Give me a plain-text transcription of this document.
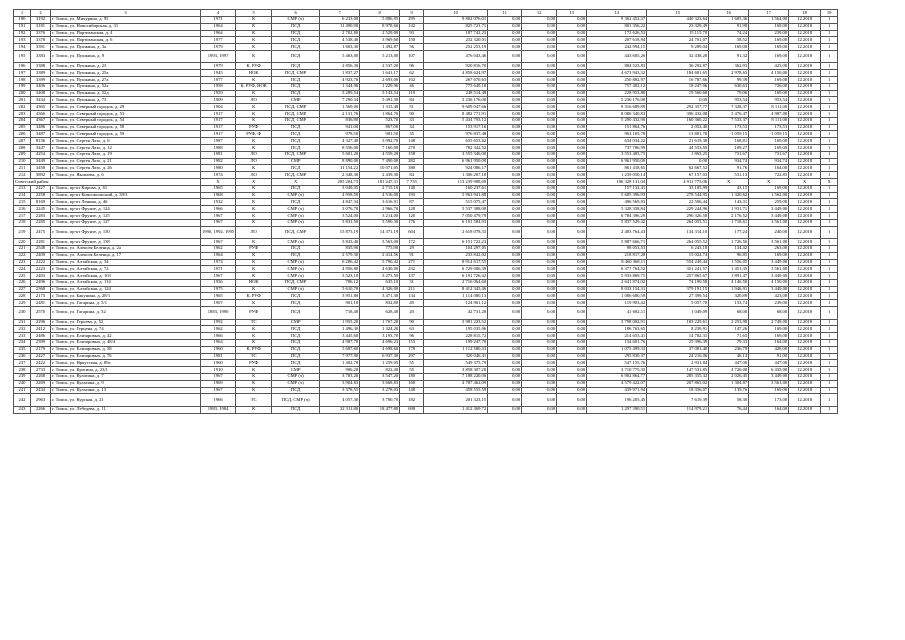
1	2	3	4	5	6	7	8	9	10	11	12	13	14	15	16	17	18	19
190	3192	г. Томск, ул. Мичурина, д. 95	1971	К	СМР (ч)	6 233,00	5 886,95	295	9 802 076,01	0,00	0,00	0,00	9 362 452,37	440 323,64	1 685,36	1 564,00	12.2018	1
191	3181	г. Томск, ул. Новосибирская, д. 31	1964	К	ПСД	11 490,90	8 978,60	142	825 721,71	0,00	0,00	0,00	801 356,22	23 329,49	91,98	169,00	12.2018	1
192	3376	г. Томск, ул. Партизанская, д. 4	1964	К	ПСД	2 702,80	2 529,00	93	187 742,23	0,00	0,00	0,00	172 626,53	15 115,70	74,24	239,00	12.2018	1
193	3378	г. Томск, ул. Партизанская, д. 6	1977	К	ПСД	4 538,40	3 969,60	150	232 320,01	0,00	0,00	0,00	207 618,94	24 701,07	58,52	169,00	12.2018	1
194	3391	г. Томск, ул. Пушкина, д. 3а	1979	К	ПСД	1 603,30	1 492,87	56	252 253,19	0,00	0,00	0,00	242 994,15	9 289,04	169,00	169,00	12.2018	1
195	3383	г. Томск, ул. Пушкина, д. 9	1993, 1997	К	ПСД	5 463,00	5 213,00	107	476 043,46	0,00	0,00	0,00	443 605,26	32 438,20	91,32	169,00	12.2018	1
196	3388	г. Томск, ул. Пушкина, д. 23	1979	К, РУФ	ПСД	2 856,30	2 537,20	96	920 816,70	0,00	0,00	0,00	884 523,83	36 292,87	362,93	423,00	12.2018	1
197	3389	г. Томск, ул. Пушкина, д. 25а	1945	НОК	ПСД, СМР	1 837,27	1 641,17	62	4 858 624,97	0,00	0,00	0,00	4 673 943,32	184 681,65	2 978,63	4 150,00	12.2018	1
198	3399	г. Томск, ул. Пушкина, д. 27а	1977	К	ПСД	4 923,70	2 693,00	102	267 670,63	0,00	0,00	0,00	250 882,97	16 787,66	99,39	169,00	12.2018	1
199	3406	г. Томск, ул. Пушкина, д. 52а	1958	К, РУФ, НОК	ПСД	1 344,96	1 229,96	46	775 649,18	0,00	0,00	0,00	757 402,12	18 247,06	630,63	726,00	12.2018	1
200	3408	г. Томск, ул. Пушкина, д. 52д	1959	К	ПСД	3 289,54	3 143,54	119	248 514,48	0,00	0,00	0,00	228 953,80	19 560,68	79,06	169,00	12.2018	1
201	3434	г. Томск, ул. Пушкина, д. 73	1909	ЛО	СМР	7 290,34	5 491,30	84	5 236 176,00	0,00	0,00	0,00	5 236 176,00	0,00	953,54	953,54	12.2018	1
202	4365	г. Томск, ул. Северный городок, д. 29	1904	К	ПСД, СМР	1 569,00	1 315,40	51	9 609 047,66	0,00	0,00	0,00	9 316 689,89	292 357,77	7 328,37	8 111,00	12.2018	1
203	4366	г. Томск, ул. Северный городок, д. 53	1917	К	ПСД, СМР	2 131,76	1 864,76	90	8 482 771,91	0,00	0,00	0,00	8 086 340,83	396 432,08	3 476,47	4 987,00	12.2018	1
204	4367	г. Томск, ул. Северный городок, д. 54	1917	К	ПСД, СМР	836,80	523,70	33	5 434 793,12	0,00	0,00	0,00	5 290 432,90	160 360,22	7 533,37	8 111,00	12.2018	1
205	3486	г. Томск, ул. Северный городок, д. 58	1917	РУФ	ПСД	941,00	867,00	34	153 917,16	0,00	0,00	0,00	151 864,76	2 052,40	173,53	173,53	12.2018	1
206	3487	г. Томск, ул. Северный городок, д. 59	1917	РУФ, Ф	ПСД	978,50	901,50	35	976 837,48	0,00	0,00	0,00	963 105,78	13 801,70	1 059,15	1 059,15	12.2018	1
207	8136	г. Томск, ул. Сергея Лазо, д. 6	1987	К	ПСД	4 327,40	3 992,70	148	655 653,62	0,00	0,00	0,00	634 034,22	21 619,38	168,81	169,00	12.2018	1
208	3447	г. Томск, ул. Сергея Лазо, д. 12	1988	К	ПСД	8 556,00	7 160,00	270	782 342,52	0,00	0,00	0,00	737 786,99	44 553,50	109,27	169,00	12.2018	1
209	4254	г. Томск, ул. Сергея Лазо, д. 19	1981	ЛО	ПСД, СМР	5 601,20	4 559,20	158	3 555 346,00	0,00	0,00	0,00	3 553 483,75	1 863,25	731,67	731,67	12.2018	1
210	3449	г. Томск, ул. Сергея Лазо, д. 21	1982	ЛО	СМР	8 890,00	7 490,00	282	6 961 950,00	0,00	0,00	0,00	6 961 950,00	0,00	934,74	934,74	12.2018	1
211	3458	г. Томск, ул. Сергея Лазо, д. 26	1980	К	ПСД	11 154,22	10 071,05	380	924 086,17	0,00	0,00	0,00	861 418,65	62 667,52	91,76	164,00	12.2018	1
212	3892	г. Томск, ул. Яковлева, д. 6	1974	ЛО	ПСД, СМР	2 348,30	2 439,30	84	1 306 207,10	0,00	0,00	0,00	1 239 050,14	67 157,03	531,13	722,85	12.2018	1
Советский район			Х	Х	Х	205 204,73	181 247,31	7 755	113 239 908,00	0,00	0,00	0,00	106 328 131,04	4 911 775,06	Х	Х	Х	Х
213	2427	г. Томск, пр-кт Кирова, д. 61	1965	К	ПСД	3 049,35	2 715,10	140	160 237,61	0,00	0,00	0,00	157 132,41	33 105,99	43,15	169,00	12.2018	1
214	2258	г. Томск, пр-кт Комсомольский, д. 39/3	1968	К	СМР (ч)	4 958,50	4 516,00	193	5 963 941,88	0,00	0,00	0,00	5 685 396,93	278 544,95	1 320,62	1 562,00	12.2018	1
215	8169	г. Томск, пр-кт Ленина, д. 46	1932	К	ПСД	4 847,34	3 616,91	87	515 075,47	0,00	0,00	0,00	496 569,03	22 506,44	143,31	259,00	12.2018	1
216	2245	г. Томск, пр-кт Фрунзе, д. 124	1966	К	СМР (ч)	3 076,70	2 966,70	128	5 537 308,00	0,00	0,00	0,00	5 328 358,84	229 244,96	1 931,71	3 449,00	12.2018	1
217	2283	г. Томск, пр-кт Фрунзе, д. 125	1967	К	СМР (ч)	3 524,00	3 214,00	120	7 050 479,79	0,00	0,00	0,00	6 784 396,29	296 326,50	2 176,52	3 449,00	12.2018	1
218	2285	г. Томск, пр-кт Фрунзе, д. 127	1967	К	СМР (ч)	3 831,50	3 590,30	176	6 101 584,93	0,00	0,00	0,00	5 837 529,42	264 055,51	1 718,61	3 561,00	12.2018	1
219	2475	г. Томск, пр-кт Фрунзе, д. 130	1990, 1992, 1995	ЛО	ПСД, СМР	15 875,19	14 371,19	604	2 618 078,33	0,00	0,00	0,00	2 483 764,43	134 314,10	177,24	240,00	12.2018	1
220	2281	г. Томск, пр-кт Фрунзе, д. 138	1967	К	СМР (ч)	3 843,40	3 563,00	172	6 151 722,23	0,00	0,00	0,00	5 887 666,71	264 055,52	1 726,56	3 561,00	12.2018	1
221	2548	г. Томск, ул. Алексея Беленца, д. 2а	1962	РУФ	ПСД	835,90	775,90	29	104 297,05	0,00	0,00	0,00	98 053,53	6 243,18	134,42	263,00	12.2018	1
222	2409	г. Томск, ул. Алексея Беленца, д. 17	1964	К	ПСД	2 579,30	2 414,56	91	233 842,02	0,00	0,00	0,00	218 817,28	15 024,74	96,85	169,00	12.2018	1
223	2222	г. Томск, ул. Алтайская, д. 34	1974	К	СМР (ч)	6 206,42	5 790,42	271	8 914 617,55	0,00	0,00	0,00	8 460 368,11	554 249,44	1 556,05	3 449,00	12.2018	1
224	2223	г. Томск, ул. Алтайская, д. 72	1971	К	СМР (ч)	4 956,80	4 630,00	232	6 729 006,39	0,00	0,00	0,00	6 377 764,52	351 241,57	1 451,35	3 561,00	12.2018	1
225	2403	г. Томск, ул. Алтайская, д. 103	1967	К	СМР (ч)	3 523,10	3 273,50	137	6 191 726,42	0,00	0,00	0,00	5 933 869,75	257 865,67	1 891,47	3 449,00	12.2018	1
226	2496	г. Томск, ул. Алтайская, д. 114	1956	НОК	ПСД, СМР	786,12	635,10	31	2 716 064,60	0,00	0,00	0,00	2 641 874,02	74 190,58	4 146,50	4 150,00	12.2018	1
227	2368	г. Томск, ул. Алтайская, д. 124	1975	К	СМР (ч)	5 610,70	4 326,00	211	8 412 345,46	0,00	0,00	0,00	8 033 154,31	379 191,15	1 946,91	3 449,00	12.2018	1
228	2175	г. Томск, ул. Бакунина, д. 28/1	1965	К, РУФ	ПСД	3 951,80	3 471,30	134	1 114 080,13	0,00	0,00	0,00	1 086 680,59	27 399,54	320,89	423,00	12.2018	1
229	2481	г. Томск, ул. Гагарина, д. 5/1	1907	К	ПСД	901,10	832,80	49	124 961,12	0,00	0,00	0,00	119 903,42	5 057,70	153,74	239,00	12.2018	1
230	2570	г. Томск, ул. Гагарина, д. 52	1883, 1990	РУФ	ПСД	718,40	628,40	20	42 731,20	0,00	0,00	0,00	41 682,11	1 049,09	68,00	68,00	12.2018	1
231	2296	г. Томск, ул. Героева, д. 52	1992	ТС	СМР	1 955,20	1 767,20	90	3 981 223,52	0,00	0,00	0,00	3 798 002,91	183 229,61	2 253,98	2 749,00	12.2018	1
232	2412	г. Томск, ул. Герцена, д. 74	1962	К	ПСД	1 496,30	1 324,20	63	195 035,96	0,00	0,00	0,00	186 763,65	8 239,91	147,26	169,00	12.2018	1
233	2486	г. Томск, ул. Елизаровых, д. 42	1966	К	ПСД	3 445,60	3 193,70	96	228 815,72	0,00	0,00	0,00	214 653,41	14 782,31	71,65	169,00	12.2018	1
234	2399	г. Томск, ул. Елизаровых, д. 48/4	1964	К	ПСД	4 987,70	4 696,23	153	199 247,78	0,00	0,00	0,00	134 601,76	25 396,39	79,33	164,00	12.2018	1
235	2179	г. Томск, ул. Елизаровых, д. 58	1960	К, РУФ	ПСД	5 687,60	4 698,60	178	1 112 580,33	0,00	0,00	0,00	1 075 499,33	37 081,40	236,79	428,00	12.2018	1
236	2427	г. Томск, ул. Елизаровых, д. 76	1981	ТС	ПСД	7 977,90	6 937,30	297	320 046,41	0,00	0,00	0,00	295 830,37	24 216,06	46,13	91,00	12.2018	1
237	2422	г. Томск, ул. Иркутская, д. 89а	1960	РУФ	ПСД	1 402,70	1 259,05	55	549 375,79	0,00	0,00	0,00	547 155,76	2 931,84	447,00	447,00	12.2018	1
238	2733	г. Томск, ул. Красина, д. 23/1	1910	К	СМР	906,20	822,40	55	3 858 307,20	0,00	0,00	0,00	3 710 775,35	147 531,85	4 726,00	6 435,00	12.2018	1
239	2268	г. Томск, ул. Кулагина, д. 7	1967	К	СМР (ч)	3 783,20	3 547,20	180	7 188 220,00	0,00	0,00	0,00	6 902 864,77	285 355,32	2 026,45	3 449,00	12.2018	1
240	2269	г. Томск, ул. Кулагина, д. 9	1969	К	СМР (ч)	3 904,83	3 668,83	160	4 787 462,09	0,00	0,00	0,00	4 579 422,07	207 865,02	1 304,87	3 561,00	12.2018	1
241	2434	г. Томск, ул. Кулагина, д. 13	1967	К	ПСД	3 378,55	3 278,03	148	458 555,59	0,00	0,00	0,00	439 971,94	18 356,07	139,76	169,00	12.2018	1
242	2963	г. Томск, ул. Курская, д. 21	1966	ТС	ПСД, СМР (ч)	4 057,30	3 780,70	182	201 323,15	0,00	0,00	0,00	196 205,45	7 619,39	58,30	173,00	12.2018	1
243	2266	г. Томск, ул. Лебедева, д. 11	1983, 1984	К	ПСД	22 311,80	18 477,80	698	1 412 369,72	0,00	0,00	0,00	1 297 390,51	114 979,21	76,44	164,00	12.2018	1
